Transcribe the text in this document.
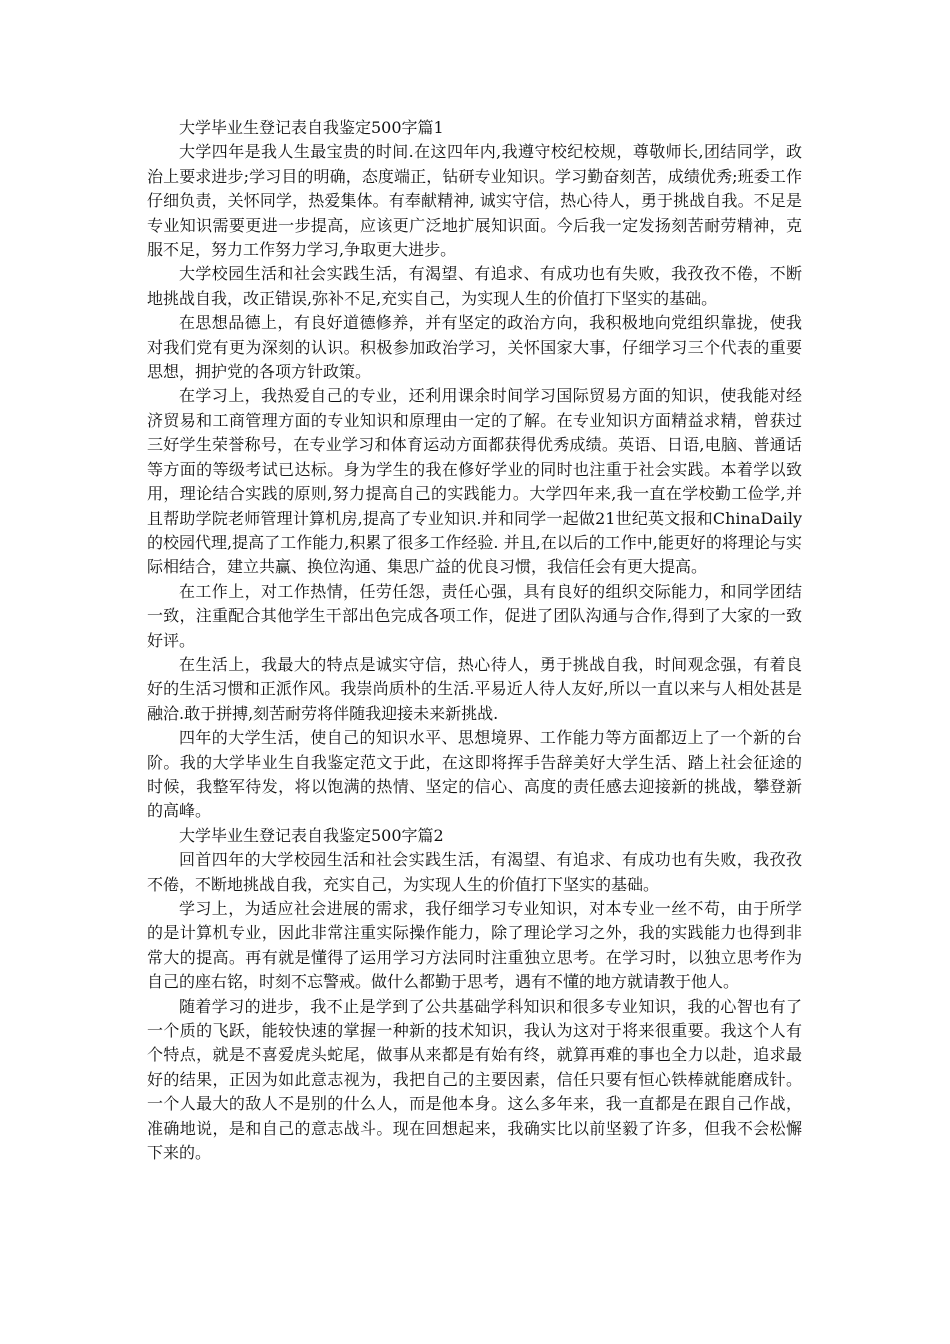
大学毕业生登记表自我鉴定500字篇1

大学四年是我人生最宝贵的时间.在这四年内,我遵守校纪校规，尊敬师长,团结同学，政治上要求进步;学习目的明确，态度端正，钻研专业知识。学习勤奋刻苦，成绩优秀;班委工作仔细负责，关怀同学，热爱集体。有奉献精神, 诚实守信，热心待人，勇于挑战自我。不足是专业知识需要更进一步提高，应该更广泛地扩展知识面。今后我一定发扬刻苦耐劳精神，克服不足，努力工作努力学习,争取更大进步。

大学校园生活和社会实践生活，有渴望、有追求、有成功也有失败，我孜孜不倦，不断地挑战自我，改正错误,弥补不足,充实自己，为实现人生的价值打下坚实的基础。

在思想品德上，有良好道德修养，并有坚定的政治方向，我积极地向党组织靠拢，使我对我们党有更为深刻的认识。积极参加政治学习，关怀国家大事，仔细学习三个代表的重要思想，拥护党的各项方针政策。

在学习上，我热爱自己的专业，还利用课余时间学习国际贸易方面的知识，使我能对经济贸易和工商管理方面的专业知识和原理由一定的了解。在专业知识方面精益求精，曾获过三好学生荣誉称号，在专业学习和体育运动方面都获得优秀成绩。英语、日语,电脑、普通话等方面的等级考试已达标。身为学生的我在修好学业的同时也注重于社会实践。本着学以致用，理论结合实践的原则,努力提高自己的实践能力。大学四年来,我一直在学校勤工俭学,并且帮助学院老师管理计算机房,提高了专业知识.并和同学一起做21世纪英文报和ChinaDaily的校园代理,提高了工作能力,积累了很多工作经验. 并且,在以后的工作中,能更好的将理论与实际相结合，建立共赢、换位沟通、集思广益的优良习惯，我信任会有更大提高。

在工作上，对工作热情，任劳任怨，责任心强，具有良好的组织交际能力，和同学团结一致，注重配合其他学生干部出色完成各项工作，促进了团队沟通与合作,得到了大家的一致好评。

在生活上，我最大的特点是诚实守信，热心待人，勇于挑战自我，时间观念强，有着良好的生活习惯和正派作风。我崇尚质朴的生活.平易近人待人友好,所以一直以来与人相处甚是融洽.敢于拼搏,刻苦耐劳将伴随我迎接未来新挑战.

四年的大学生活，使自己的知识水平、思想境界、工作能力等方面都迈上了一个新的台阶。我的大学毕业生自我鉴定范文于此，在这即将挥手告辞美好大学生活、踏上社会征途的时候，我整军待发，将以饱满的热情、坚定的信心、高度的责任感去迎接新的挑战，攀登新的高峰。

大学毕业生登记表自我鉴定500字篇2

回首四年的大学校园生活和社会实践生活，有渴望、有追求、有成功也有失败，我孜孜不倦，不断地挑战自我，充实自己，为实现人生的价值打下坚实的基础。

学习上，为适应社会进展的需求，我仔细学习专业知识，对本专业一丝不苟，由于所学的是计算机专业，因此非常注重实际操作能力，除了理论学习之外，我的实践能力也得到非常大的提高。再有就是懂得了运用学习方法同时注重独立思考。在学习时，以独立思考作为自己的座右铭，时刻不忘警戒。做什么都勤于思考，遇有不懂的地方就请教于他人。

随着学习的进步，我不止是学到了公共基础学科知识和很多专业知识，我的心智也有了一个质的飞跃，能较快速的掌握一种新的技术知识，我认为这对于将来很重要。我这个人有个特点，就是不喜爱虎头蛇尾，做事从来都是有始有终，就算再难的事也全力以赴，追求最好的结果，正因为如此意志视为，我把自己的主要因素，信任只要有恒心铁棒就能磨成针。一个人最大的敌人不是别的什么人，而是他本身。这么多年来，我一直都是在跟自己作战，准确地说，是和自己的意志战斗。现在回想起来，我确实比以前坚毅了许多，但我不会松懈下来的。
